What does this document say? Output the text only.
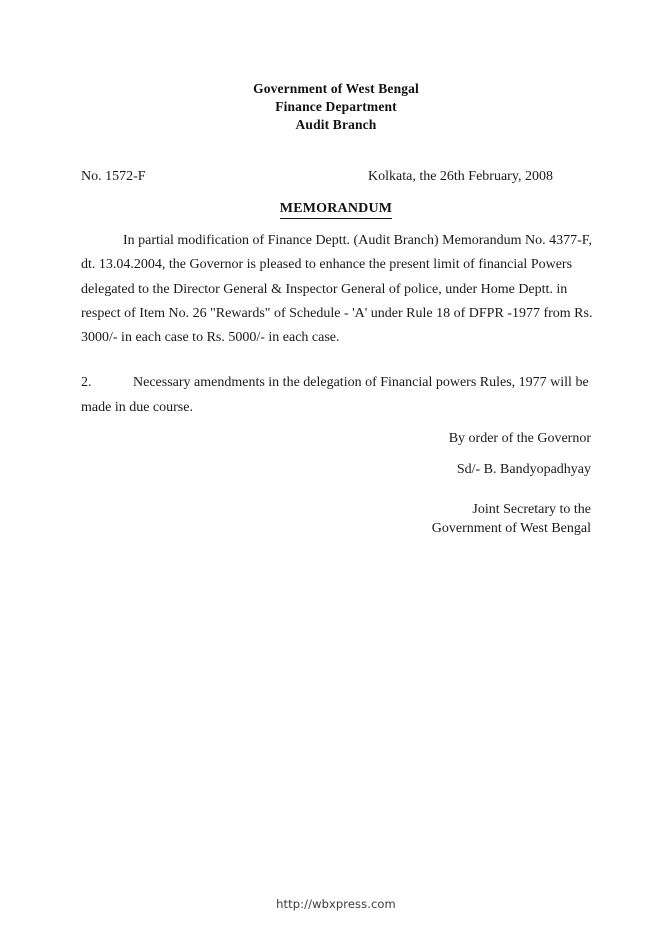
Government of West Bengal
Finance Department
Audit Branch
No. 1572-F	Kolkata, the 26th February, 2008
MEMORANDUM

In partial modification of Finance Deptt. (Audit Branch) Memorandum No. 4377-F, dt. 13.04.2004, the Governor is pleased to enhance the present limit of financial Powers delegated to the Director General & Inspector General of police, under Home Deptt. in respect of Item No. 26 "Rewards" of Schedule - 'A' under Rule 18 of DFPR -1977 from Rs. 3000/- in each case to Rs. 5000/- in each case.

2.	Necessary amendments in the delegation of Financial powers Rules, 1977 will be made in due course.

By order of the Governor
Sd/- B. Bandyopadhyay
Joint Secretary to the
Government of West Bengal
http://wbxpress.com
